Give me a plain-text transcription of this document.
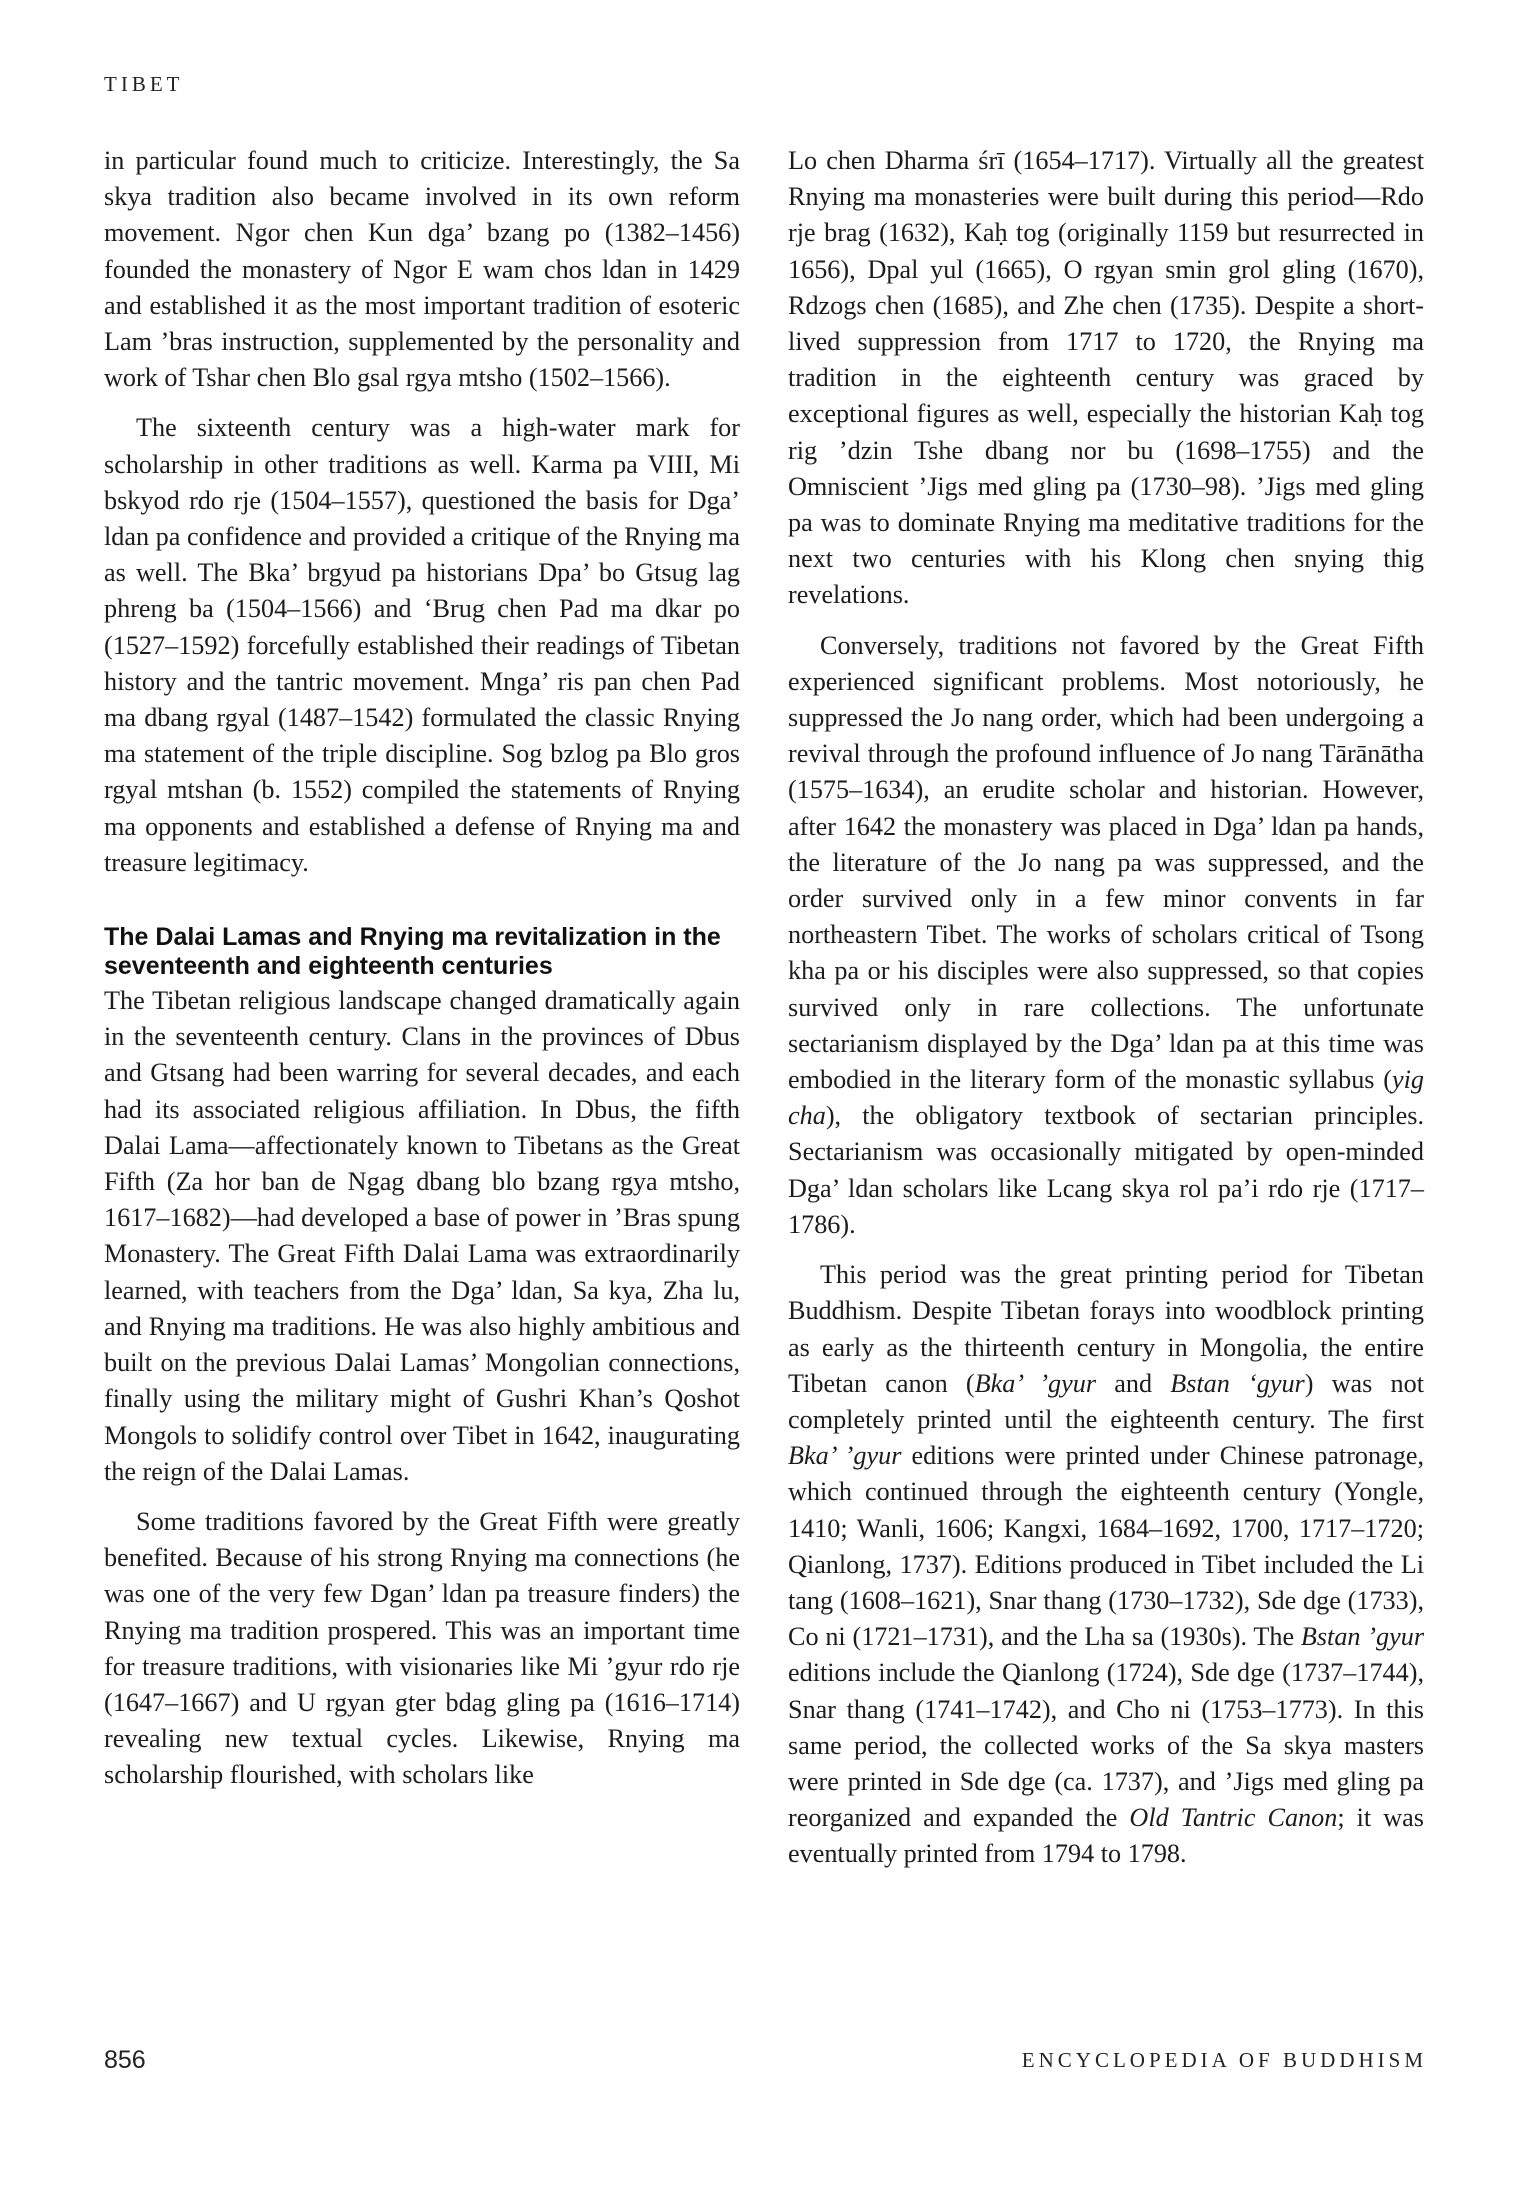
TIBET

in particular found much to criticize. Interestingly, the Sa skya tradition also became involved in its own reform movement. Ngor chen Kun dga’ bzang po (1382–1456) founded the monastery of Ngor E wam chos ldan in 1429 and established it as the most important tradition of esoteric Lam ’bras instruction, supplemented by the personality and work of Tshar chen Blo gsal rgya mtsho (1502–1566).

The sixteenth century was a high-water mark for scholarship in other traditions as well. Karma pa VIII, Mi bskyod rdo rje (1504–1557), questioned the basis for Dga’ ldan pa confidence and provided a critique of the Rnying ma as well. The Bka’ brgyud pa historians Dpa’ bo Gtsug lag phreng ba (1504–1566) and ‘Brug chen Pad ma dkar po (1527–1592) forcefully established their readings of Tibetan history and the tantric movement. Mnga’ ris pan chen Pad ma dbang rgyal (1487–1542) formulated the classic Rnying ma statement of the triple discipline. Sog bzlog pa Blo gros rgyal mtshan (b. 1552) compiled the statements of Rnying ma opponents and established a defense of Rnying ma and treasure legitimacy.

The Dalai Lamas and Rnying ma revitalization in the seventeenth and eighteenth centuries

The Tibetan religious landscape changed dramatically again in the seventeenth century. Clans in the provinces of Dbus and Gtsang had been warring for several decades, and each had its associated religious affiliation. In Dbus, the fifth Dalai Lama—affectionately known to Tibetans as the Great Fifth (Za hor ban de Ngag dbang blo bzang rgya mtsho, 1617–1682)—had developed a base of power in ’Bras spung Monastery. The Great Fifth Dalai Lama was extraordinarily learned, with teachers from the Dga’ ldan, Sa kya, Zha lu, and Rnying ma traditions. He was also highly ambitious and built on the previous Dalai Lamas’ Mongolian connections, finally using the military might of Gushri Khan’s Qoshot Mongols to solidify control over Tibet in 1642, inaugurating the reign of the Dalai Lamas.

Some traditions favored by the Great Fifth were greatly benefited. Because of his strong Rnying ma connections (he was one of the very few Dgan’ ldan pa treasure finders) the Rnying ma tradition prospered. This was an important time for treasure traditions, with visionaries like Mi ’gyur rdo rje (1647–1667) and U rgyan gter bdag gling pa (1616–1714) revealing new textual cycles. Likewise, Rnying ma scholarship flourished, with scholars like

Lo chen Dharma śrī (1654–1717). Virtually all the greatest Rnying ma monasteries were built during this period—Rdo rje brag (1632), Kaḥ tog (originally 1159 but resurrected in 1656), Dpal yul (1665), O rgyan smin grol gling (1670), Rdzogs chen (1685), and Zhe chen (1735). Despite a short-lived suppression from 1717 to 1720, the Rnying ma tradition in the eighteenth century was graced by exceptional figures as well, especially the historian Kaḥ tog rig ’dzin Tshe dbang nor bu (1698–1755) and the Omniscient ’Jigs med gling pa (1730–98). ’Jigs med gling pa was to dominate Rnying ma meditative traditions for the next two centuries with his Klong chen snying thig revelations.

Conversely, traditions not favored by the Great Fifth experienced significant problems. Most notoriously, he suppressed the Jo nang order, which had been undergoing a revival through the profound influence of Jo nang Tārānātha (1575–1634), an erudite scholar and historian. However, after 1642 the monastery was placed in Dga’ ldan pa hands, the literature of the Jo nang pa was suppressed, and the order survived only in a few minor convents in far northeastern Tibet. The works of scholars critical of Tsong kha pa or his disciples were also suppressed, so that copies survived only in rare collections. The unfortunate sectarianism displayed by the Dga’ ldan pa at this time was embodied in the literary form of the monastic syllabus (yig cha), the obligatory textbook of sectarian principles. Sectarianism was occasionally mitigated by open-minded Dga’ ldan scholars like Lcang skya rol pa’i rdo rje (1717–1786).

This period was the great printing period for Tibetan Buddhism. Despite Tibetan forays into woodblock printing as early as the thirteenth century in Mongolia, the entire Tibetan canon (Bka’ ’gyur and Bstan ‘gyur) was not completely printed until the eighteenth century. The first Bka’ ’gyur editions were printed under Chinese patronage, which continued through the eighteenth century (Yongle, 1410; Wanli, 1606; Kangxi, 1684–1692, 1700, 1717–1720; Qianlong, 1737). Editions produced in Tibet included the Li tang (1608–1621), Snar thang (1730–1732), Sde dge (1733), Co ni (1721–1731), and the Lha sa (1930s). The Bstan ’gyur editions include the Qianlong (1724), Sde dge (1737–1744), Snar thang (1741–1742), and Cho ni (1753–1773). In this same period, the collected works of the Sa skya masters were printed in Sde dge (ca. 1737), and ’Jigs med gling pa reorganized and expanded the Old Tantric Canon; it was eventually printed from 1794 to 1798.

856	ENCYCLOPEDIA OF BUDDHISM
